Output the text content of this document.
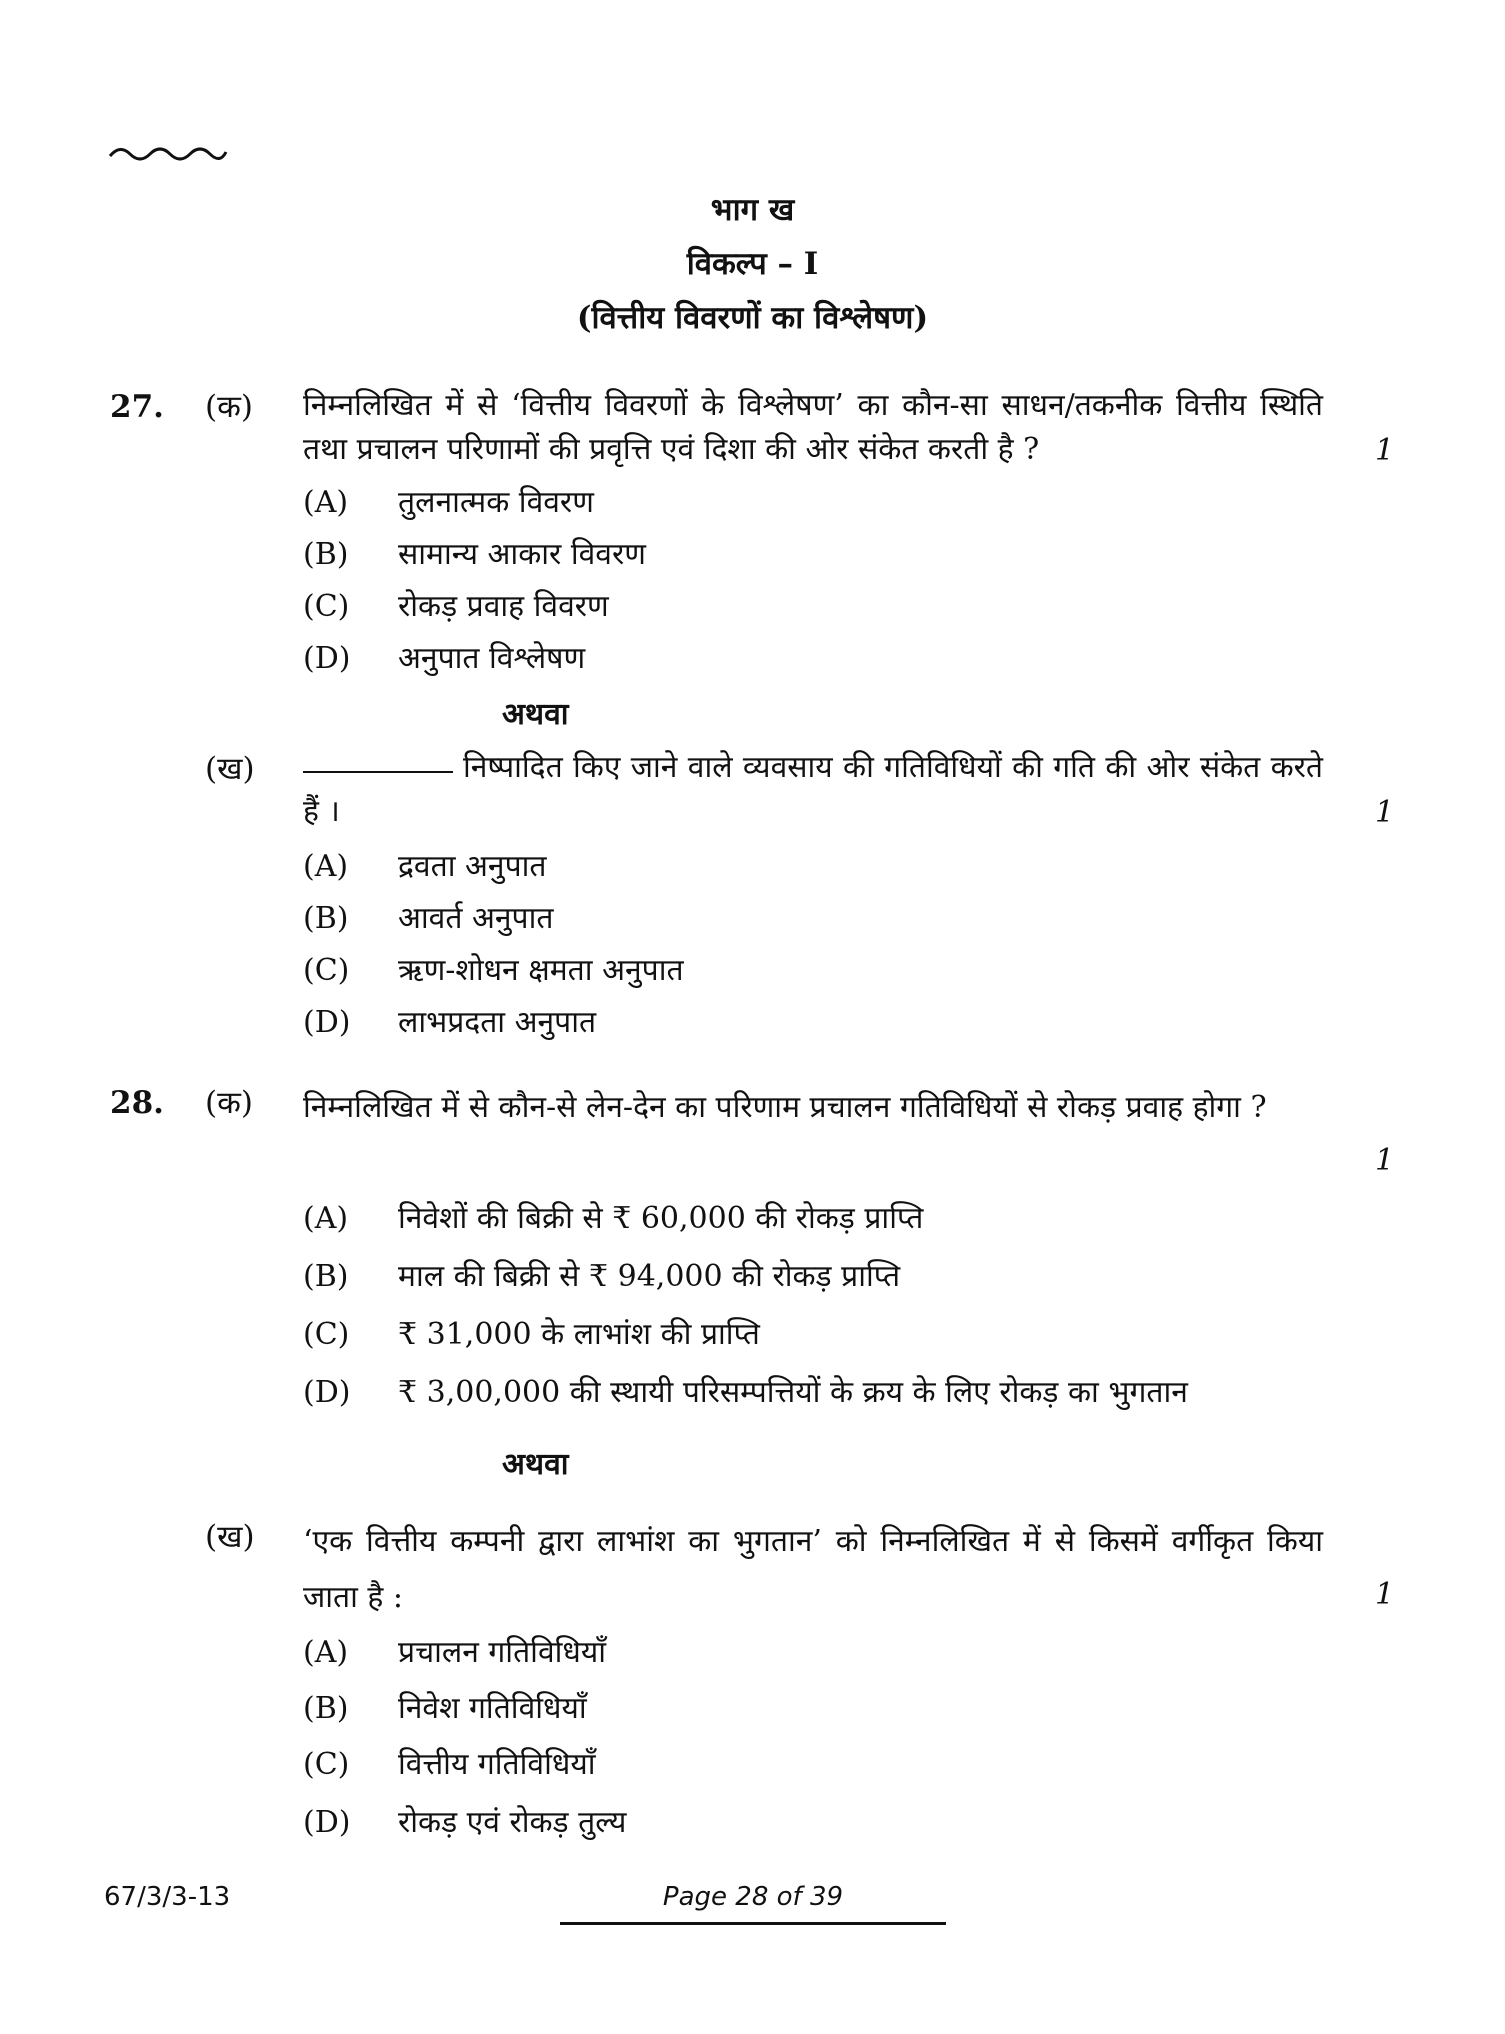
भाग ख
विकल्प – I
(वित्तीय विवरणों का विश्लेषण)
27. (क) निम्नलिखित में से ‘वित्तीय विवरणों के विश्लेषण’ का कौन-सा साधन/तकनीक वित्तीय स्थिति तथा प्रचालन परिणामों की प्रवृत्ति एवं दिशा की ओर संकेत करती है ?	1
(A) तुलनात्मक विवरण
(B) सामान्य आकार विवरण
(C) रोकड़ प्रवाह विवरण
(D) अनुपात विश्लेषण
अथवा
(ख)	निष्पादित किए जाने वाले व्यवसाय की गतिविधियों की गति की ओर संकेत करते हैं ।	1
(A) द्रवता अनुपात
(B) आवर्त अनुपात
(C) ऋण-शोधन क्षमता अनुपात
(D) लाभप्रदता अनुपात
28. (क) निम्नलिखित में से कौन-से लेन-देन का परिणाम प्रचालन गतिविधियों से रोकड़ प्रवाह होगा ?
1
(A) निवेशों की बिक्री से ₹ 60,000 की रोकड़ प्राप्ति
(B) माल की बिक्री से ₹ 94,000 की रोकड़ प्राप्ति
(C) ₹ 31,000 के लाभांश की प्राप्ति
(D) ₹ 3,00,000 की स्थायी परिसम्पत्तियों के क्रय के लिए रोकड़ का भुगतान
अथवा
(ख) ‘एक वित्तीय कम्पनी द्वारा लाभांश का भुगतान’ को निम्नलिखित में से किसमें वर्गीकृत किया जाता है :	1
(A) प्रचालन गतिविधियाँ
(B) निवेश गतिविधियाँ
(C) वित्तीय गतिविधियाँ
(D) रोकड़ एवं रोकड़ तुल्य
67/3/3-13	Page 28 of 39
